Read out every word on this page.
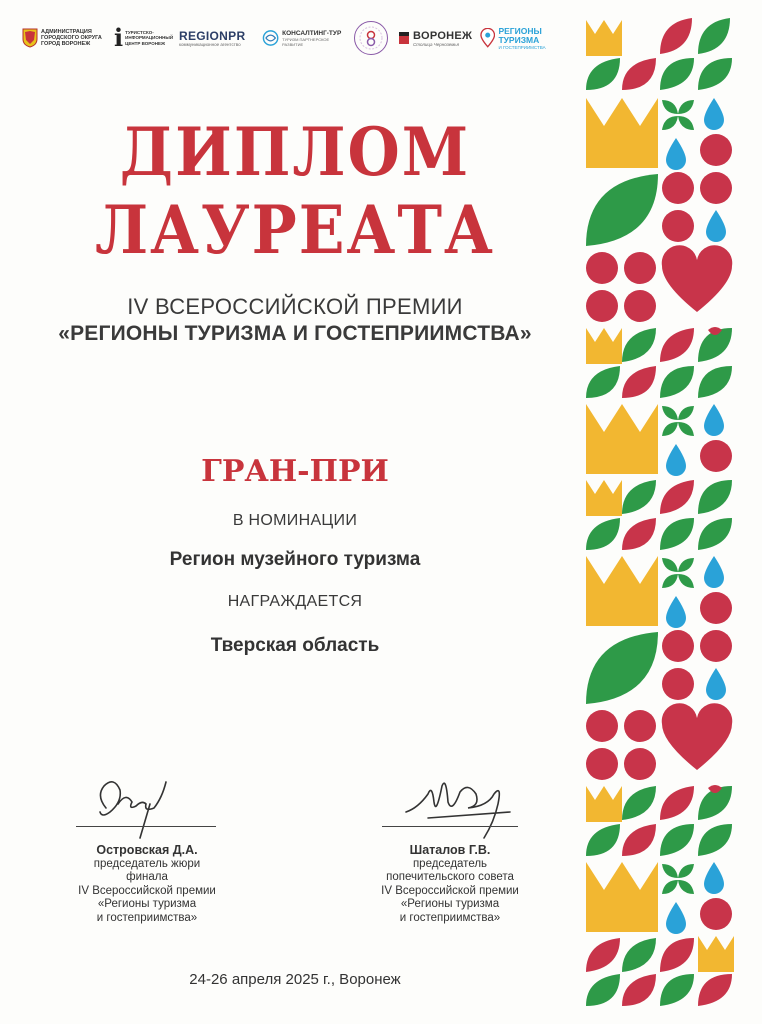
АДМИНИСТРАЦИЯ ГОРОДСКОГО ОКРУГА ГОРОД ВОРОНЕЖ i ТУРИСТСКО-ИНФОРМАЦИОННЫЙ ЦЕНТР ВОРОНЕЖ
REGIONPR
коммуникационное агентство
КОНСАЛТИНГ-ТУР
ТУРИЗМ ПАРТНЕРСКОЕ РАЗВИТИЕ
ВОРОНЕЖ
Столица Черноземья
РЕГИОНЫ ТУРИЗМА
И ГОСТЕПРИИМСТВА
ДИПЛОМ
ЛАУРЕАТА
IV ВСЕРОССИЙСКОЙ ПРЕМИИ
«РЕГИОНЫ ТУРИЗМА И ГОСТЕПРИИМСТВА»
ГРАН-ПРИ
В НОМИНАЦИИ
Регион музейного туризма
НАГРАЖДАЕТСЯ
Тверская область
Островская Д.А.
председатель жюри
финала
IV Всероссийской премии
«Регионы туризма
и гостеприимства»
Шаталов Г.В.
председатель
попечительского совета
IV Всероссийской премии
«Регионы туризма
и гостеприимства»
24-26 апреля 2025 г., Воронеж
